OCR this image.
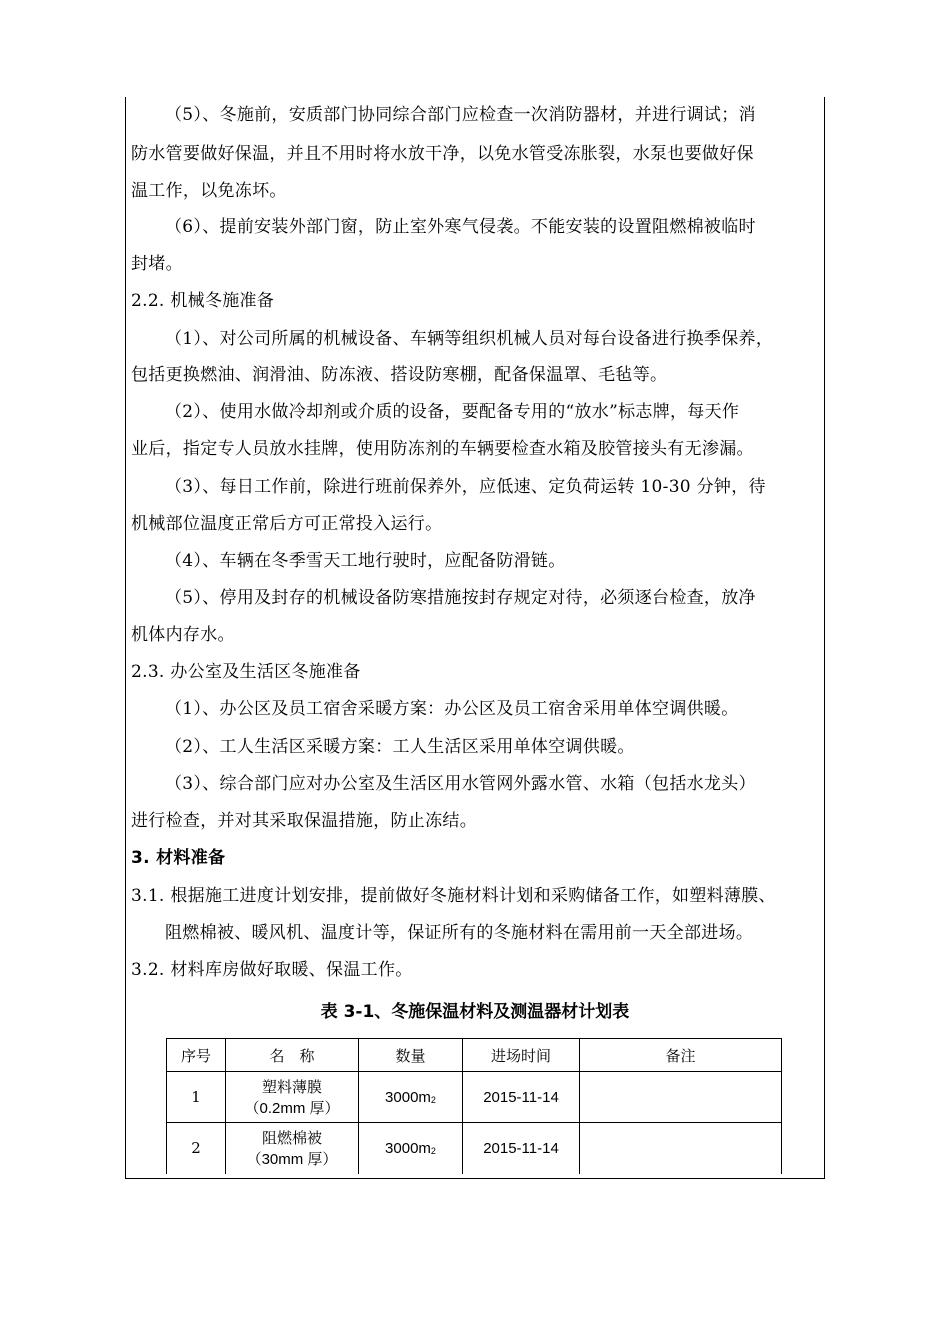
（5）、冬施前，安质部门协同综合部门应检查一次消防器材，并进行调试；消
防水管要做好保温，并且不用时将水放干净，以免水管受冻胀裂，水泵也要做好保
温工作，以免冻坏。
（6）、提前安装外部门窗，防止室外寒气侵袭。不能安装的设置阻燃棉被临时
封堵。
2.2. 机械冬施准备
（1）、对公司所属的机械设备、车辆等组织机械人员对每台设备进行换季保养，
包括更换燃油、润滑油、防冻液、搭设防寒棚，配备保温罩、毛毡等。
（2）、使用水做冷却剂或介质的设备，要配备专用的“放水”标志牌，每天作
业后，指定专人员放水挂牌，使用防冻剂的车辆要检查水箱及胶管接头有无渗漏。
（3）、每日工作前，除进行班前保养外，应低速、定负荷运转 10-30 分钟，待
机械部位温度正常后方可正常投入运行。
（4）、车辆在冬季雪天工地行驶时，应配备防滑链。
（5）、停用及封存的机械设备防寒措施按封存规定对待，必须逐台检查，放净
机体内存水。
2.3. 办公室及生活区冬施准备
（1）、办公区及员工宿舍采暖方案：办公区及员工宿舍采用单体空调供暖。
（2）、工人生活区采暖方案：工人生活区采用单体空调供暖。
（3）、综合部门应对办公室及生活区用水管网外露水管、水箱（包括水龙头）
进行检查，并对其采取保温措施，防止冻结。
3. 材料准备
3.1. 根据施工进度计划安排，提前做好冬施材料计划和采购储备工作，如塑料薄膜、
阻燃棉被、暖风机、温度计等，保证所有的冬施材料在需用前一天全部进场。
3.2. 材料库房做好取暖、保温工作。
表 3-1、冬施保温材料及测温器材计划表
序号	名　称	数量	进场时间	备注
1	塑料薄膜
（0.2mm 厚）	$3000m^2$	2015-11-14	
2	阻燃棉被
（30mm 厚）	$3000m^2$	2015-11-14	
